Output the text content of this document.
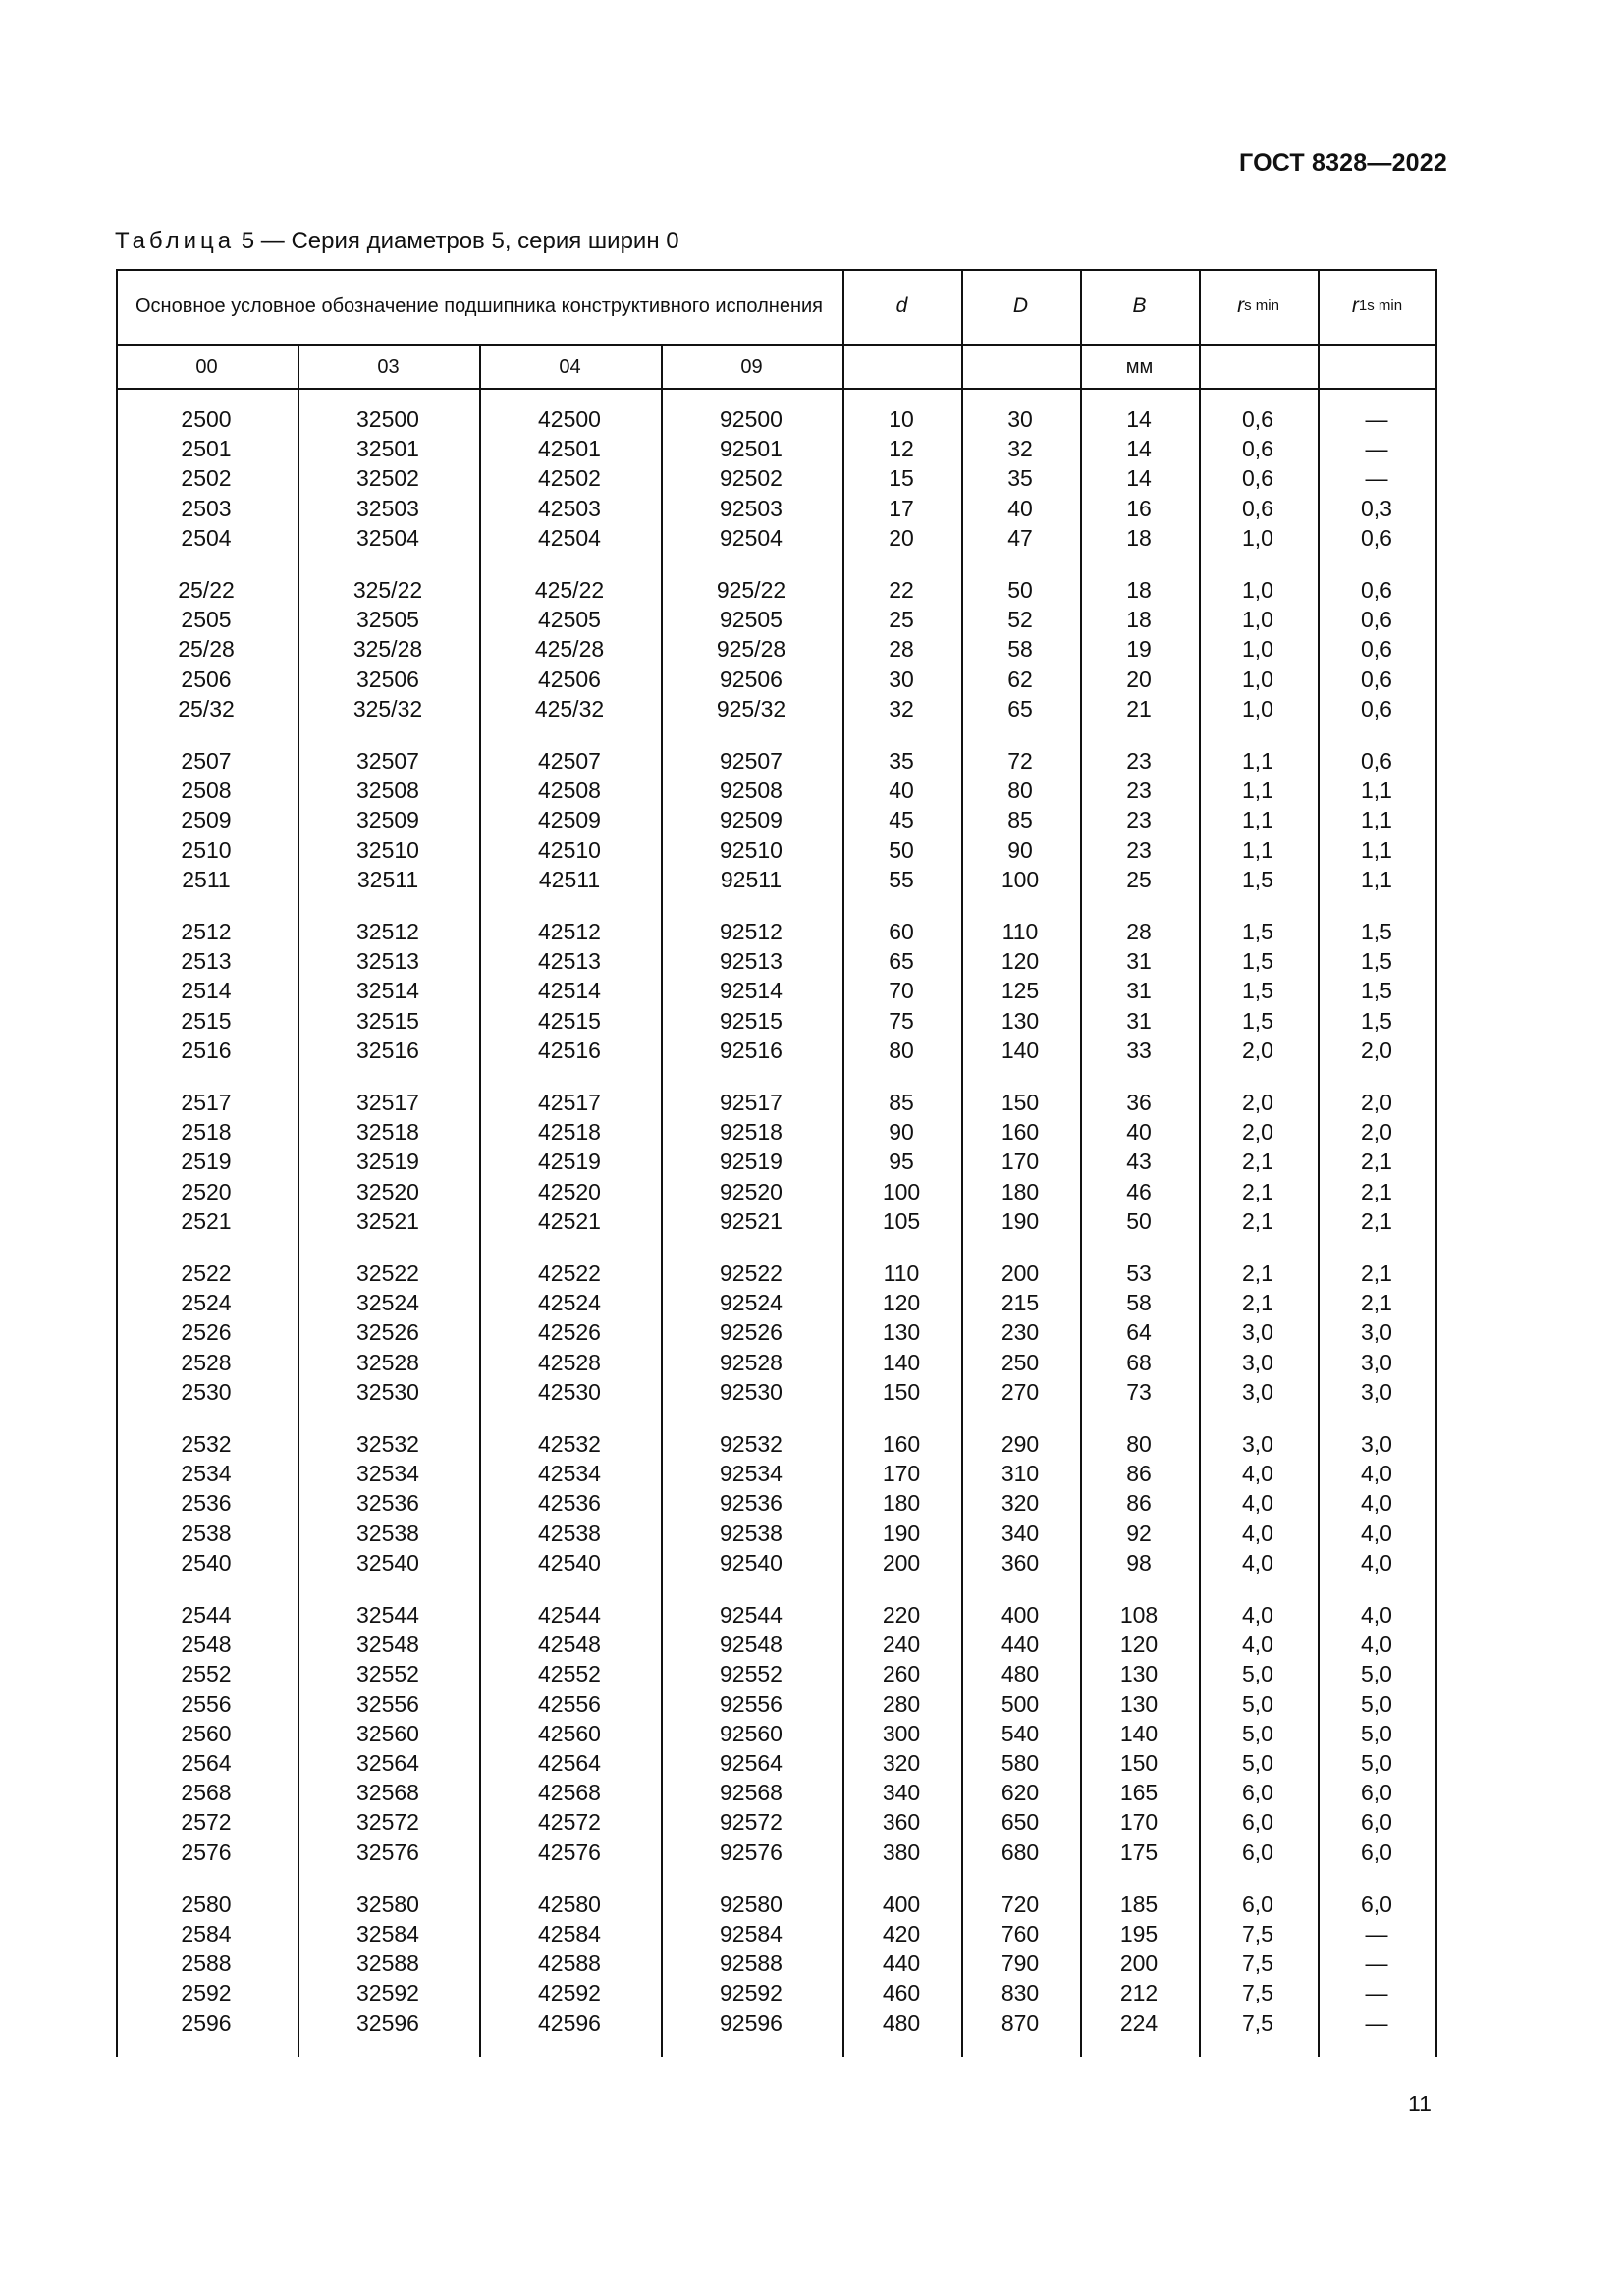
ГОСТ 8328—2022
Таблица 5 — Серия диаметров 5, серия ширин 0
Основное условное обозначение подшипника конструктивного исполнения
00	03	04	09
d	D	B	r s min	r 1s min
мм
2500	32500	42500	92500	10	30	14	0,6	—
2501	32501	42501	92501	12	32	14	0,6	—
2502	32502	42502	92502	15	35	14	0,6	—
2503	32503	42503	92503	17	40	16	0,6	0,3
2504	32504	42504	92504	20	47	18	1,0	0,6
25/22	325/22	425/22	925/22	22	50	18	1,0	0,6
2505	32505	42505	92505	25	52	18	1,0	0,6
25/28	325/28	425/28	925/28	28	58	19	1,0	0,6
2506	32506	42506	92506	30	62	20	1,0	0,6
25/32	325/32	425/32	925/32	32	65	21	1,0	0,6
2507	32507	42507	92507	35	72	23	1,1	0,6
2508	32508	42508	92508	40	80	23	1,1	1,1
2509	32509	42509	92509	45	85	23	1,1	1,1
2510	32510	42510	92510	50	90	23	1,1	1,1
2511	32511	42511	92511	55	100	25	1,5	1,1
2512	32512	42512	92512	60	110	28	1,5	1,5
2513	32513	42513	92513	65	120	31	1,5	1,5
2514	32514	42514	92514	70	125	31	1,5	1,5
2515	32515	42515	92515	75	130	31	1,5	1,5
2516	32516	42516	92516	80	140	33	2,0	2,0
2517	32517	42517	92517	85	150	36	2,0	2,0
2518	32518	42518	92518	90	160	40	2,0	2,0
2519	32519	42519	92519	95	170	43	2,1	2,1
2520	32520	42520	92520	100	180	46	2,1	2,1
2521	32521	42521	92521	105	190	50	2,1	2,1
2522	32522	42522	92522	110	200	53	2,1	2,1
2524	32524	42524	92524	120	215	58	2,1	2,1
2526	32526	42526	92526	130	230	64	3,0	3,0
2528	32528	42528	92528	140	250	68	3,0	3,0
2530	32530	42530	92530	150	270	73	3,0	3,0
2532	32532	42532	92532	160	290	80	3,0	3,0
2534	32534	42534	92534	170	310	86	4,0	4,0
2536	32536	42536	92536	180	320	86	4,0	4,0
2538	32538	42538	92538	190	340	92	4,0	4,0
2540	32540	42540	92540	200	360	98	4,0	4,0
2544	32544	42544	92544	220	400	108	4,0	4,0
2548	32548	42548	92548	240	440	120	4,0	4,0
2552	32552	42552	92552	260	480	130	5,0	5,0
2556	32556	42556	92556	280	500	130	5,0	5,0
2560	32560	42560	92560	300	540	140	5,0	5,0
2564	32564	42564	92564	320	580	150	5,0	5,0
2568	32568	42568	92568	340	620	165	6,0	6,0
2572	32572	42572	92572	360	650	170	6,0	6,0
2576	32576	42576	92576	380	680	175	6,0	6,0
2580	32580	42580	92580	400	720	185	6,0	6,0
2584	32584	42584	92584	420	760	195	7,5	—
2588	32588	42588	92588	440	790	200	7,5	—
2592	32592	42592	92592	460	830	212	7,5	—
2596	32596	42596	92596	480	870	224	7,5	—
11
